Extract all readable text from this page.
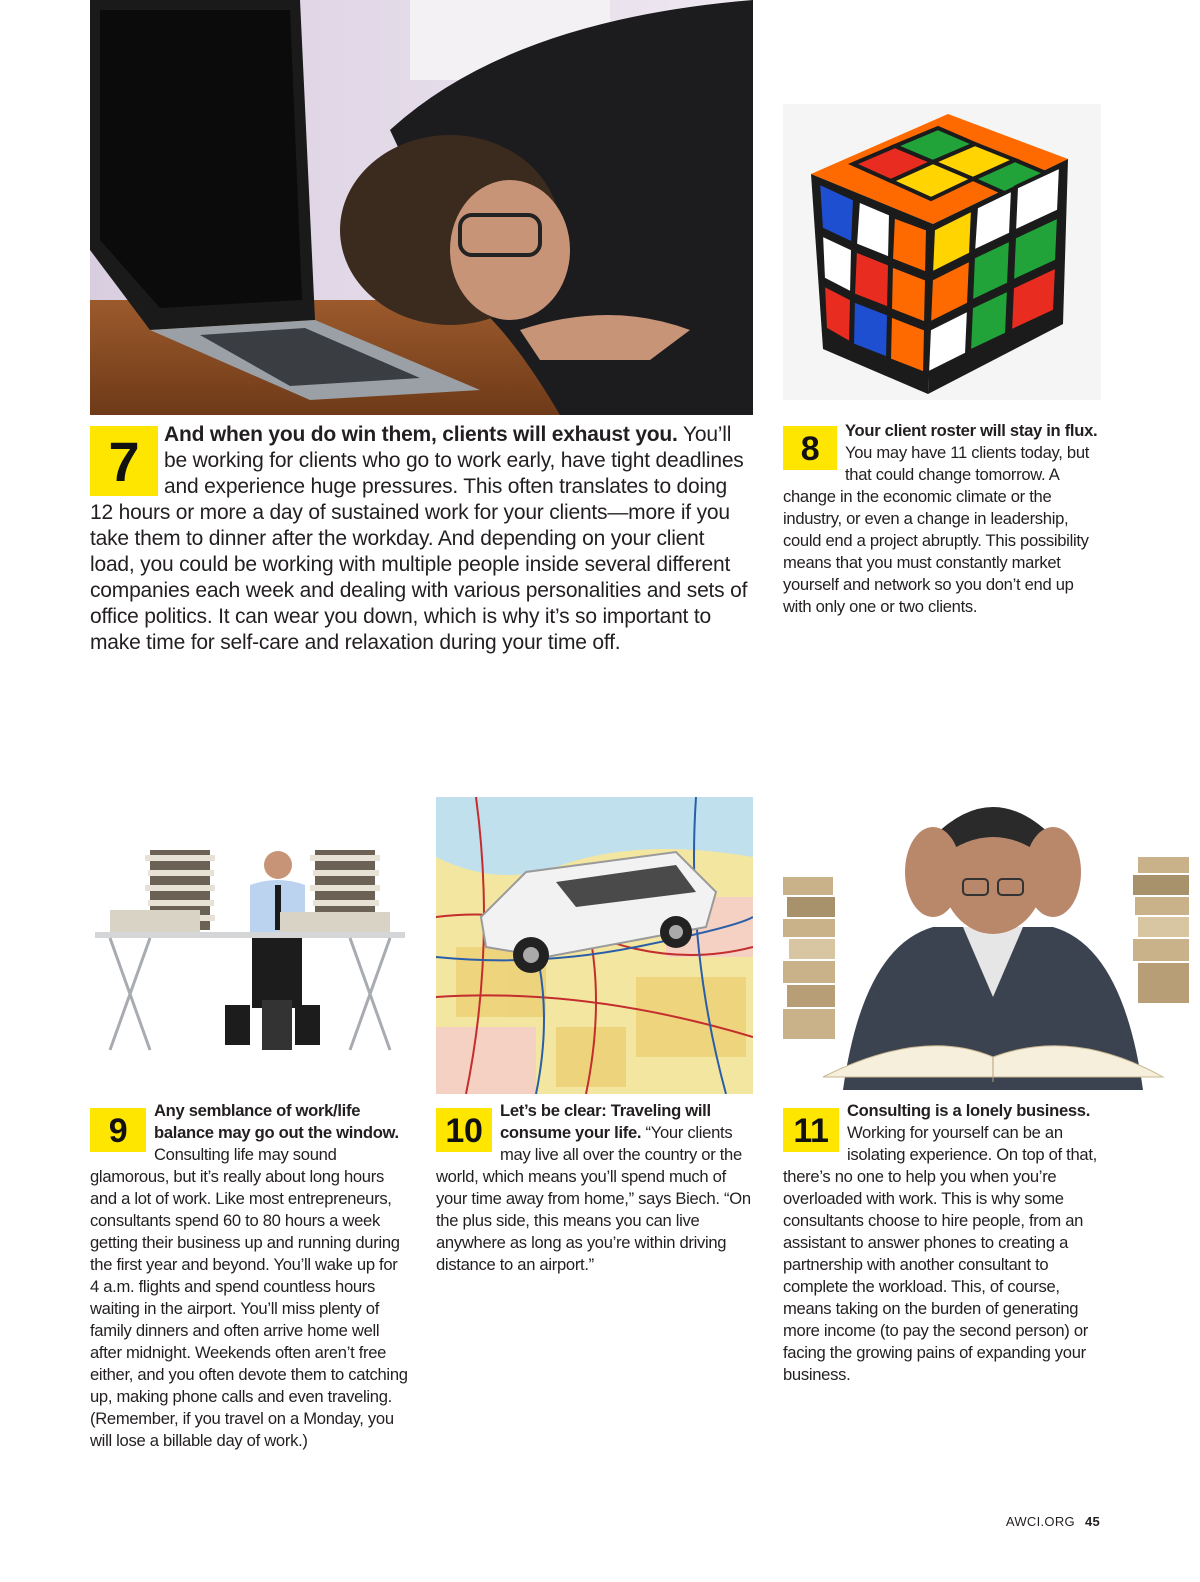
7	And when you do win them, clients will exhaust you. You’ll be working for clients who go to work early, have tight deadlines and experience huge pressures. This often translates to doing 12 hours or more a day of sustained work for your clients—more if you take them to dinner after the workday. And depending on your client load, you could be working with multiple people inside several different companies each week and dealing with various personalities and sets of office politics. It can wear you down, which is why it’s so important to make time for self-care and relaxation during your time off.
8	Your client roster will stay in flux. You may have 11 clients today, but that could change tomorrow. A change in the economic climate or the industry, or even a change in leadership, could end a project abruptly. This possibility means that you must constantly market yourself and network so you don’t end up with only one or two clients.
9
Any semblance of work/life balance may go out the window. Consulting life may sound glamorous, but it’s really about long hours and a lot of work. Like most entrepreneurs, consultants spend 60 to 80 hours a week getting their business up and running during the first year and beyond. You’ll wake up for 4 a.m. flights and spend countless hours waiting in the airport. You’ll miss plenty of family dinners and often arrive home well after midnight. Weekends often aren’t free either, and you often devote them to catching up, making phone calls and even traveling. (Remember, if you travel on a Monday, you will lose a billable day of work.)
10
Let’s be clear: Traveling will consume your life. “Your clients may live all over the country or the world, which means you’ll spend much of your time away from home,” says Biech. “On the plus side, this means you can live anywhere as long as you’re within driving distance to an airport.”
11
Consulting is a lonely business. Working for yourself can be an isolating experience. On top of that, there’s no one to help you when you’re overloaded with work. This is why some consultants choose to hire people, from an assistant to answer phones to creating a partnership with another consultant to complete the workload. This, of course, means taking on the burden of generating more income (to pay the second person) or facing the growing pains of expanding your business.
AWCI.ORG 45
